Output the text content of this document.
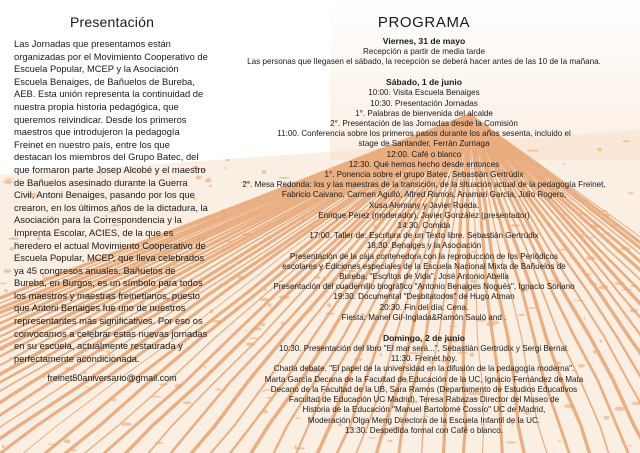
Presentación

Las Jornadas que presentamos están organizadas por el Movimiento Cooperativo de Escuela Popular, MCEP y la Asociación Escuela Benaiges, de Bañuelos de Bureba, AEB. Esta unión representa la continuidad de nuestra propia historia pedagógica, que queremos reivindicar. Desde los primeros maestros que introdujeron la pedagogía Freinet en nuestro país, entre los que destacan los miembros del Grupo Batec, del que formaron parte Josep Alcobé y el maestro de Bañuelos asesinado durante la Guerra Civil, Antoni Benaiges, pasando por los que crearon, en los últimos años de la dictadura, la Asociación para la Correspondencia y la Imprenta Escolar, ACIES, de la que es heredero el actual Movimiento Cooperativo de Escuela Popular, MCEP, que lleva celebrados ya 45 congresos anuales. Bañuelos de Bureba, en Burgos, es un símbolo para todos los maestros y maestras freinetianos, puesto que Antoni Benaiges fue uno de nuestros representantes más significativos. Por eso os convocamos a celebrar estas nuevas jornadas en su escuela, actualmente restaurada y perfectamente acondicionada.

freinet50aniversario@gmail.com
PROGRAMA
Viernes, 31 de mayo
Recepción a partir de media tarde
Las personas que llegasen el sábado, la recepción se deberá hacer antes de las 10 de la mañana.
Sábado, 1 de junio
10:00. Visita Escuela Benaiges
10:30. Presentación Jornadas
1°. Palabras de bienvenida del alcalde
2°. Presentación de las Jornadas desde la Comisión
11:00. Conferencia sobre los primeros pasos durante los años sesenta, incluido el
stage de Santander, Ferrán Zurriaga
12:00. Café o blanco
12:30. Qué hemos hecho desde entonces
1°. Ponencia sobre el grupo Batec, Sebastián Gertrúdix
2°. Mesa Redonda: los y las maestras de la transición, de la situación actual de la pedagogía Freinet,
Fabricio Caivano, Carmen Agulló, Alfred Ramos, Anamari García, Julio Rogero,
Xusa Alemany y Javier Rueda.
Enrique Pérez (moderador), Javier González (presentador)
14:30. Comida
17:00. Taller de: Escritura de un Texto libre. Sebastián Gertrúdix
18:30. Benaiges y la Asociación
Presentación de la caja contenedora con la reproducción de los Periódicos
escolares y Ediciones especiales de la Escuela Nacional Mixta de Bañuelos de
Bureba, "Escritos de Vida", José Antonio Abella
Presentación del cuadernillo biográfico "Antonio Benaiges Nogués", Ignacio Soriano
19:30. Documental "Desbitatodos" de Hugo Atman
20:30. Fin del día: Cena.
Fiesta: Manel Gil-Inglada&Ramón Sauló and .
Domingo, 2 de junio
10:30. Presentación del libro "El mar será...", Sebastián Gertrúdix y Sergi Bernal.
11:30. Freinet hoy.
Charla debate. "El papel de la universidad en la difusión de la pedagogía moderna".
Marta García Decana de la Facultad de Educación de la UC, Ignacio Fernández de Mata
Decano de la Facultad de la UB, Sara Ramos (Departamento de Estudios Educativos
Facultad de Educación UC Madrid), Teresa Rabazas Director del Museo de
Historia de la Educación "Manuel Bartolomé Cossío" UC de Madrid,
Moderación Olga Meng Directora de la Escuela Infantil de la UC.
13:30. Despedida formal con Café o blanco.
